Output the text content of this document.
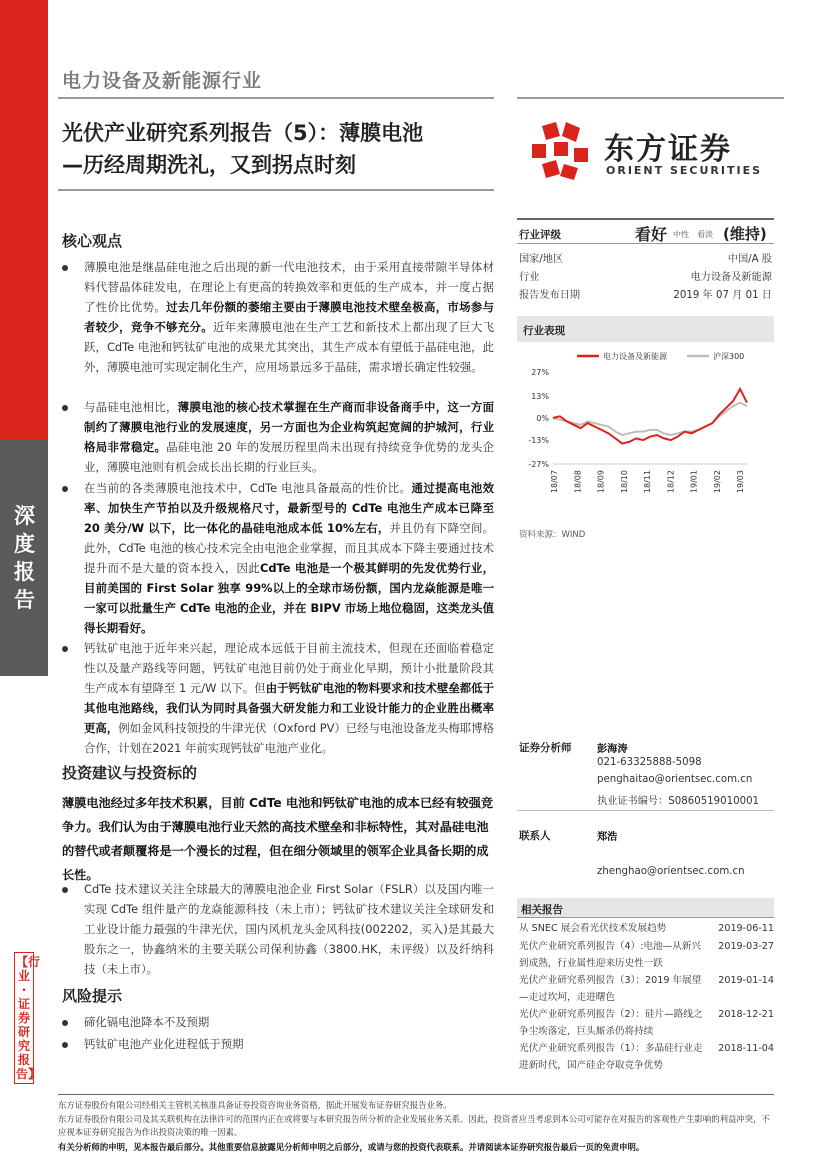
深度报告
【行业·证券研究报告】
电力设备及新能源行业
光伏产业研究系列报告（5）：薄膜电池
—历经周期洗礼，又到拐点时刻	东方证券
ORIENT SECURITIES
核心观点
薄膜电池是继晶硅电池之后出现的新一代电池技术，由于采用直接带隙半导体材料代替晶体硅发电，在理论上有更高的转换效率和更低的生产成本，并一度占据了性价比优势。过去几年份额的萎缩主要由于薄膜电池技术壁垒极高，市场参与者较少，竞争不够充分。近年来薄膜电池在生产工艺和新技术上都出现了巨大飞跃，CdTe 电池和钙钛矿电池的成果尤其突出，其生产成本有望低于晶硅电池，此外，薄膜电池可实现定制化生产，应用场景远多于晶硅，需求增长确定性较强。
与晶硅电池相比，薄膜电池的核心技术掌握在生产商而非设备商手中，这一方面制约了薄膜电池行业的发展速度，另一方面也为企业构筑起宽阔的护城河，行业格局非常稳定。晶硅电池 20 年的发展历程里尚未出现有持续竞争优势的龙头企业，薄膜电池则有机会成长出长期的行业巨头。
在当前的各类薄膜电池技术中，CdTe 电池具备最高的性价比。通过提高电池效率、加快生产节拍以及升级规格尺寸，最新型号的 CdTe 电池生产成本已降至 20 美分/W 以下，比一体化的晶硅电池成本低 10%左右，并且仍有下降空间。此外，CdTe 电池的核心技术完全由电池企业掌握，而且其成本下降主要通过技术提升而不是大量的资本投入，因此CdTe 电池是一个极其鲜明的先发优势行业，目前美国的 First Solar 独享 99%以上的全球市场份额，国内龙焱能源是唯一一家可以批量生产 CdTe 电池的企业，并在 BIPV 市场上地位稳固，这类龙头值得长期看好。
钙钛矿电池于近年来兴起，理论成本远低于目前主流技术，但现在还面临着稳定性以及量产路线等问题，钙钛矿电池目前仍处于商业化早期，预计小批量阶段其生产成本有望降至 1 元/W 以下。但由于钙钛矿电池的物料要求和技术壁垒都低于其他电池路线，我们认为同时具备强大研发能力和工业设计能力的企业胜出概率更高，例如金风科技领投的牛津光伏（Oxford PV）已经与电池设备龙头梅耶博格合作，计划在2021 年前实现钙钛矿电池产业化。
投资建议与投资标的
薄膜电池经过多年技术积累，目前 CdTe 电池和钙钛矿电池的成本已经有较强竞争力。我们认为由于薄膜电池行业天然的高技术壁垒和非标特性，其对晶硅电池的替代或者颠覆将是一个漫长的过程，但在细分领域里的领军企业具备长期的成长性。
CdTe 技术建议关注全球最大的薄膜电池企业 First Solar（FSLR）以及国内唯一实现 CdTe 组件量产的龙焱能源科技（未上市）；钙钛矿技术建议关注全球研发和工业设计能力最强的牛津光伏，国内风机龙头金风科技(002202，买入)是其最大股东之一，协鑫纳米的主要关联公司保利协鑫（3800.HK，未评级）以及纤纳科技（未上市）。
风险提示
碲化镉电池降本不及预期
钙钛矿电池产业化进程低于预期
行业评级	看好 中性 看淡 (维持)
国家/地区	中国/A 股
行业	电力设备及新能源
报告发布日期	2019 年 07 月 01 日
行业表现
电力设备及新能源	沪深300
27%
13%
0%
-13%
-27%
18/07 18/08 18/09 18/10 18/11 18/12 19/01 19/02 19/03
资料来源：WIND
证券分析师	彭海涛
021-63325888-5098
penghaitao@orientsec.com.cn
执业证书编号：S0860519010001
联系人	郑浩
zhenghao@orientsec.com.cn
相关报告
从 SNEC 展会看光伏技术发展趋势	2019-06-11
光伏产业研究系列报告（4）:电池—从新兴到成熟，行业属性迎来历史性一跃
2019-03-27
光伏产业研究系列报告（3）：2019 年展望—走过坎坷，走进曙色
2019-01-14
光伏产业研究系列报告（2）：硅片—路线之争尘埃落定，巨头厮杀仍将持续
2018-12-21
光伏产业研究系列报告（1）：多晶硅行业走进新时代，国产硅企夺取竞争优势
2018-11-04
东方证券股份有限公司经相关主管机关核准具备证券投资咨询业务资格，据此开展发布证券研究报告业务。
东方证券股份有限公司及其关联机构在法律许可的范围内正在或将要与本研究报告所分析的企业发展业务关系。因此，投资者应当考虑到本公司可能存在对报告的客观性产生影响的利益冲突，不应视本证券研究报告为作出投资决策的唯一因素。
有关分析师的申明，见本报告最后部分。其他重要信息披露见分析师申明之后部分，或请与您的投资代表联系。并请阅读本证券研究报告最后一页的免责申明。
